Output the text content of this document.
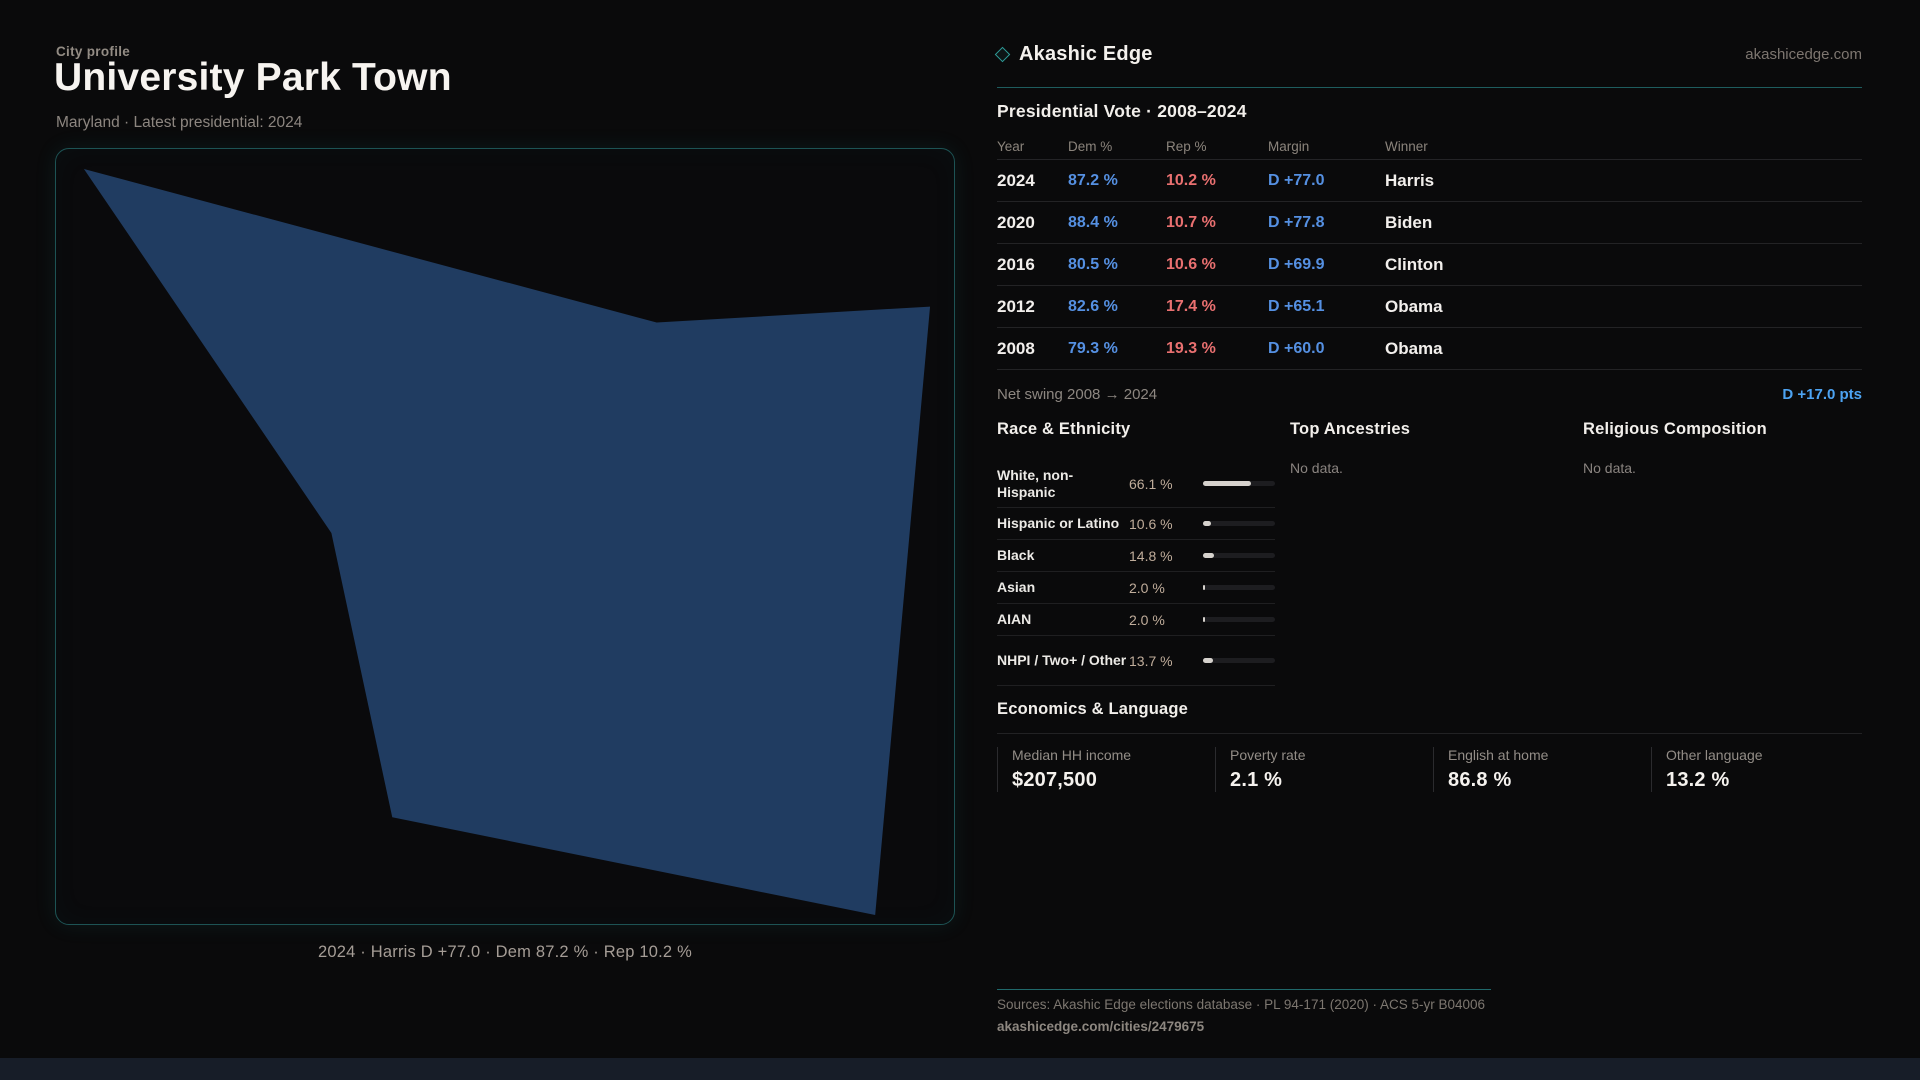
City profile
University Park Town
Maryland · Latest presidential: 2024
2024 · Harris D +77.0 · Dem 87.2 % · Rep 10.2 %
Akashic Edge	akashicedge.com
Presidential Vote · 2008–2024
Year	Dem %	Rep %	Margin	Winner
2024	87.2 %	10.2 %	D +77.0	Harris
2020	88.4 %	10.7 %	D +77.8	Biden
2016	80.5 %	10.6 %	D +69.9	Clinton
2012	82.6 %	17.4 %	D +65.1	Obama
2008	79.3 %	19.3 %	D +60.0	Obama
Net swing 2008 → 2024	D +17.0 pts
Race & Ethnicity
White, non-Hispanic	66.1 %
Hispanic or Latino 10.6 %
Black	14.8 %
Asian	2.0 %
AIAN	2.0 %
NHPI / Two+ / Other 13.7 %
Top Ancestries
No data.
Religious Composition
No data.
Economics & Language
Median HH income
$207,500
Poverty rate
2.1 %
English at home
86.8 %
Other language
13.2 %
Sources: Akashic Edge elections database · PL 94-171 (2020) · ACS 5-yr B04006
akashicedge.com/cities/2479675
